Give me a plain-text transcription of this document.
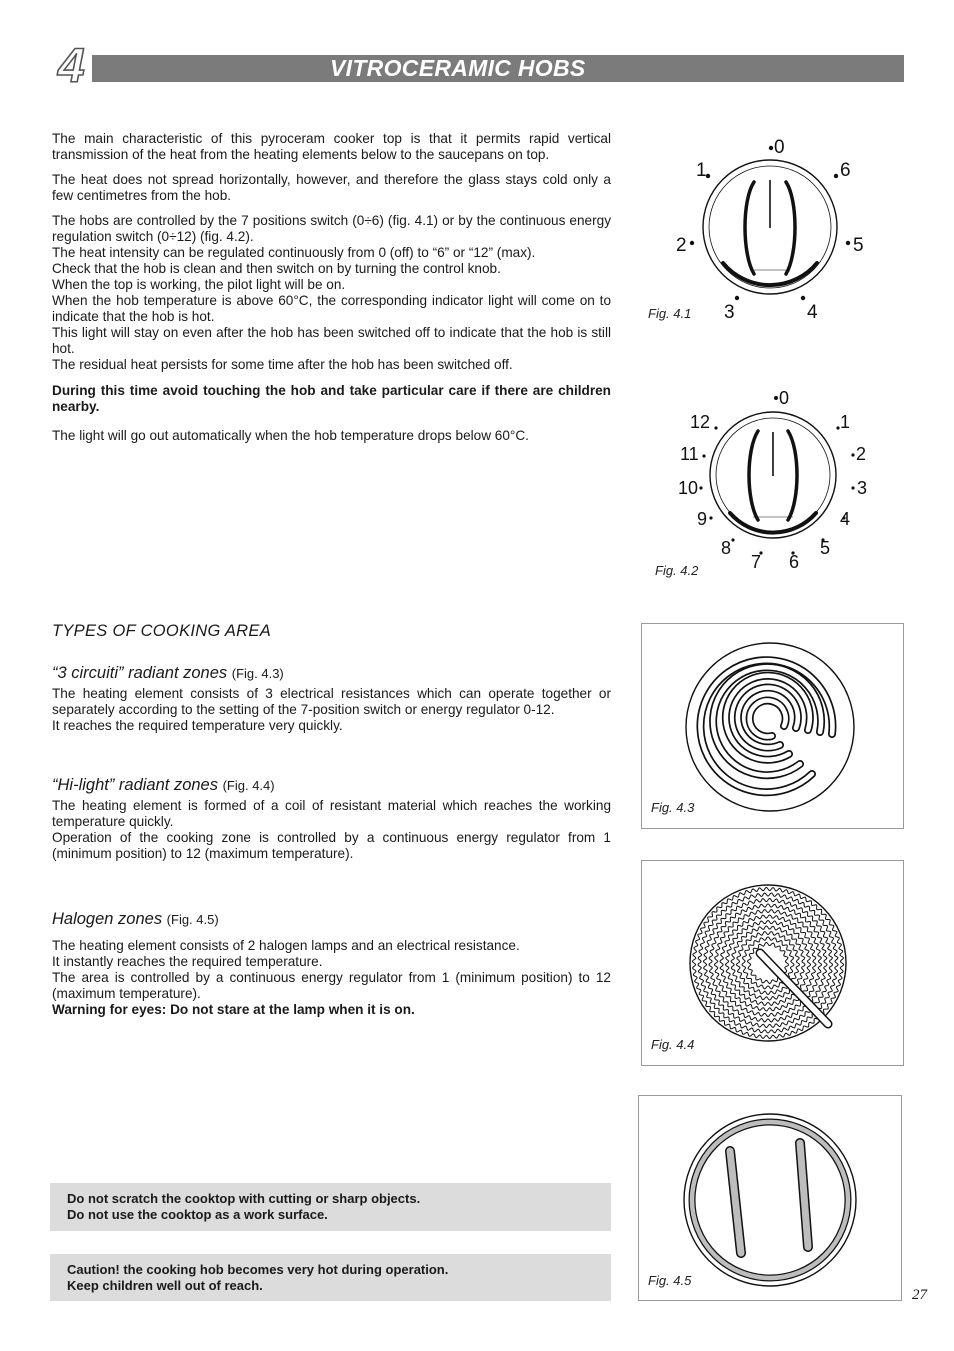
4	VITROCERAMIC HOBS

The main characteristic of this pyroceram cooker top is that it permits rapid vertical transmission of the heat from the heating elements below to the saucepans on top.

The heat does not spread horizontally, however, and therefore the glass stays cold only a few centimetres from the hob.

The hobs are controlled by the 7 positions switch (0÷6) (fig. 4.1) or by the continuous energy regulation switch (0÷12) (fig. 4.2).

The heat intensity can be regulated continuously from 0 (off) to “6” or “12” (max).

Check that the hob is clean and then switch on by turning the control knob.

When the top is working, the pilot light will be on.

When the hob temperature is above 60°C, the corresponding indicator light will come on to indicate that the hob is hot.

This light will stay on even after the hob has been switched off to indicate that the hob is still hot.

The residual heat persists for some time after the hob has been switched off.

During this time avoid touching the hob and take particular care if there are children nearby.

The light will go out automatically when the hob temperature drops below 60°C.

0
1	6
2	5
3	4
Fig. 4.1
0
12	1
11	2
10	3
9	4
8	5
7 6
Fig. 4.2
TYPES OF COOKING AREA
“3 circuiti” radiant zones (Fig. 4.3)

The heating element consists of 3 electrical resistances which can operate together or separately according to the setting of the 7-position switch or energy regulator 0-12.

It reaches the required temperature very quickly.

“Hi-light” radiant zones (Fig. 4.4)

The heating element is formed of a coil of resistant material which reaches the working temperature quickly.

Operation of the cooking zone is controlled by a continuous energy regulator from 1 (minimum position) to 12 (maximum temperature).

Halogen zones (Fig. 4.5)

The heating element consists of 2 halogen lamps and an electrical resistance.

It instantly reaches the required temperature.

The area is controlled by a continuous energy regulator from 1 (minimum position) to 12 (maximum temperature).

Warning for eyes: Do not stare at the lamp when it is on.

Fig. 4.3
Fig. 4.4
Fig. 4.5
Do not scratch the cooktop with cutting or sharp objects.
Do not use the cooktop as a work surface.
Caution! the cooking hob becomes very hot during operation.
Keep children well out of reach.
27
